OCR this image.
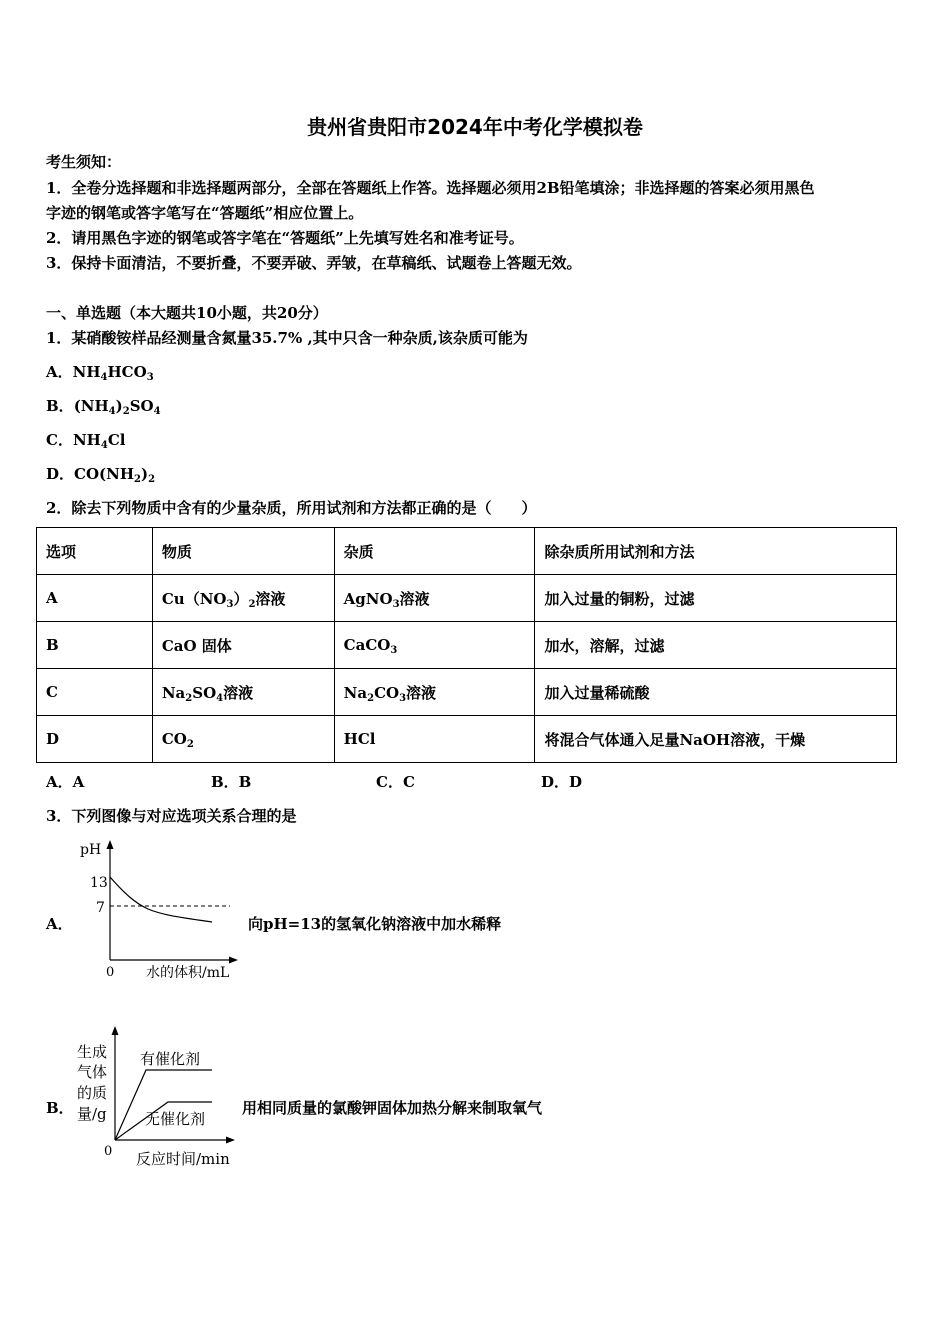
贵州省贵阳市2024年中考化学模拟卷
考生须知：
1．全卷分选择题和非选择题两部分，全部在答题纸上作答。选择题必须用2B铅笔填涂；非选择题的答案必须用黑色
字迹的钢笔或答字笔写在“答题纸”相应位置上。
2．请用黑色字迹的钢笔或答字笔在“答题纸”上先填写姓名和准考证号。
3．保持卡面清洁，不要折叠，不要弄破、弄皱，在草稿纸、试题卷上答题无效。
一、单选题（本大题共10小题，共20分）
1．某硝酸铵样品经测量含氮量35.7% ,其中只含一种杂质,该杂质可能为
A．$NH_4HCO_3$
B．$(NH_4)_2SO_4$
C．$NH_4Cl$
D．$CO(NH_2)_2$
2．除去下列物质中含有的少量杂质，所用试剂和方法都正确的是（　　）
选项	物质	杂质	除杂质所用试剂和方法
A	$Cu(NO_3)_2$溶液	AgNO$_3$溶液	加入过量的铜粉，过滤
B	CaO 固体	CaCO$_3$	加水，溶解，过滤
C	$Na_2SO_4$溶液	$Na_2CO_3$溶液	加入过量稀硫酸
D	$CO_2$	HCl	将混合气体通入足量NaOH溶液，干燥
A．A	B．B	C．C	D．D
3．下列图像与对应选项关系合理的是
A．
pH
13
7
0 水的体积/mL
向pH=13的氢氧化钠溶液中加水稀释
B．
生成
气体
的质
量/g
有催化剂
无催化剂
0 反应时间/min
用相同质量的氯酸钾固体加热分解来制取氧气
